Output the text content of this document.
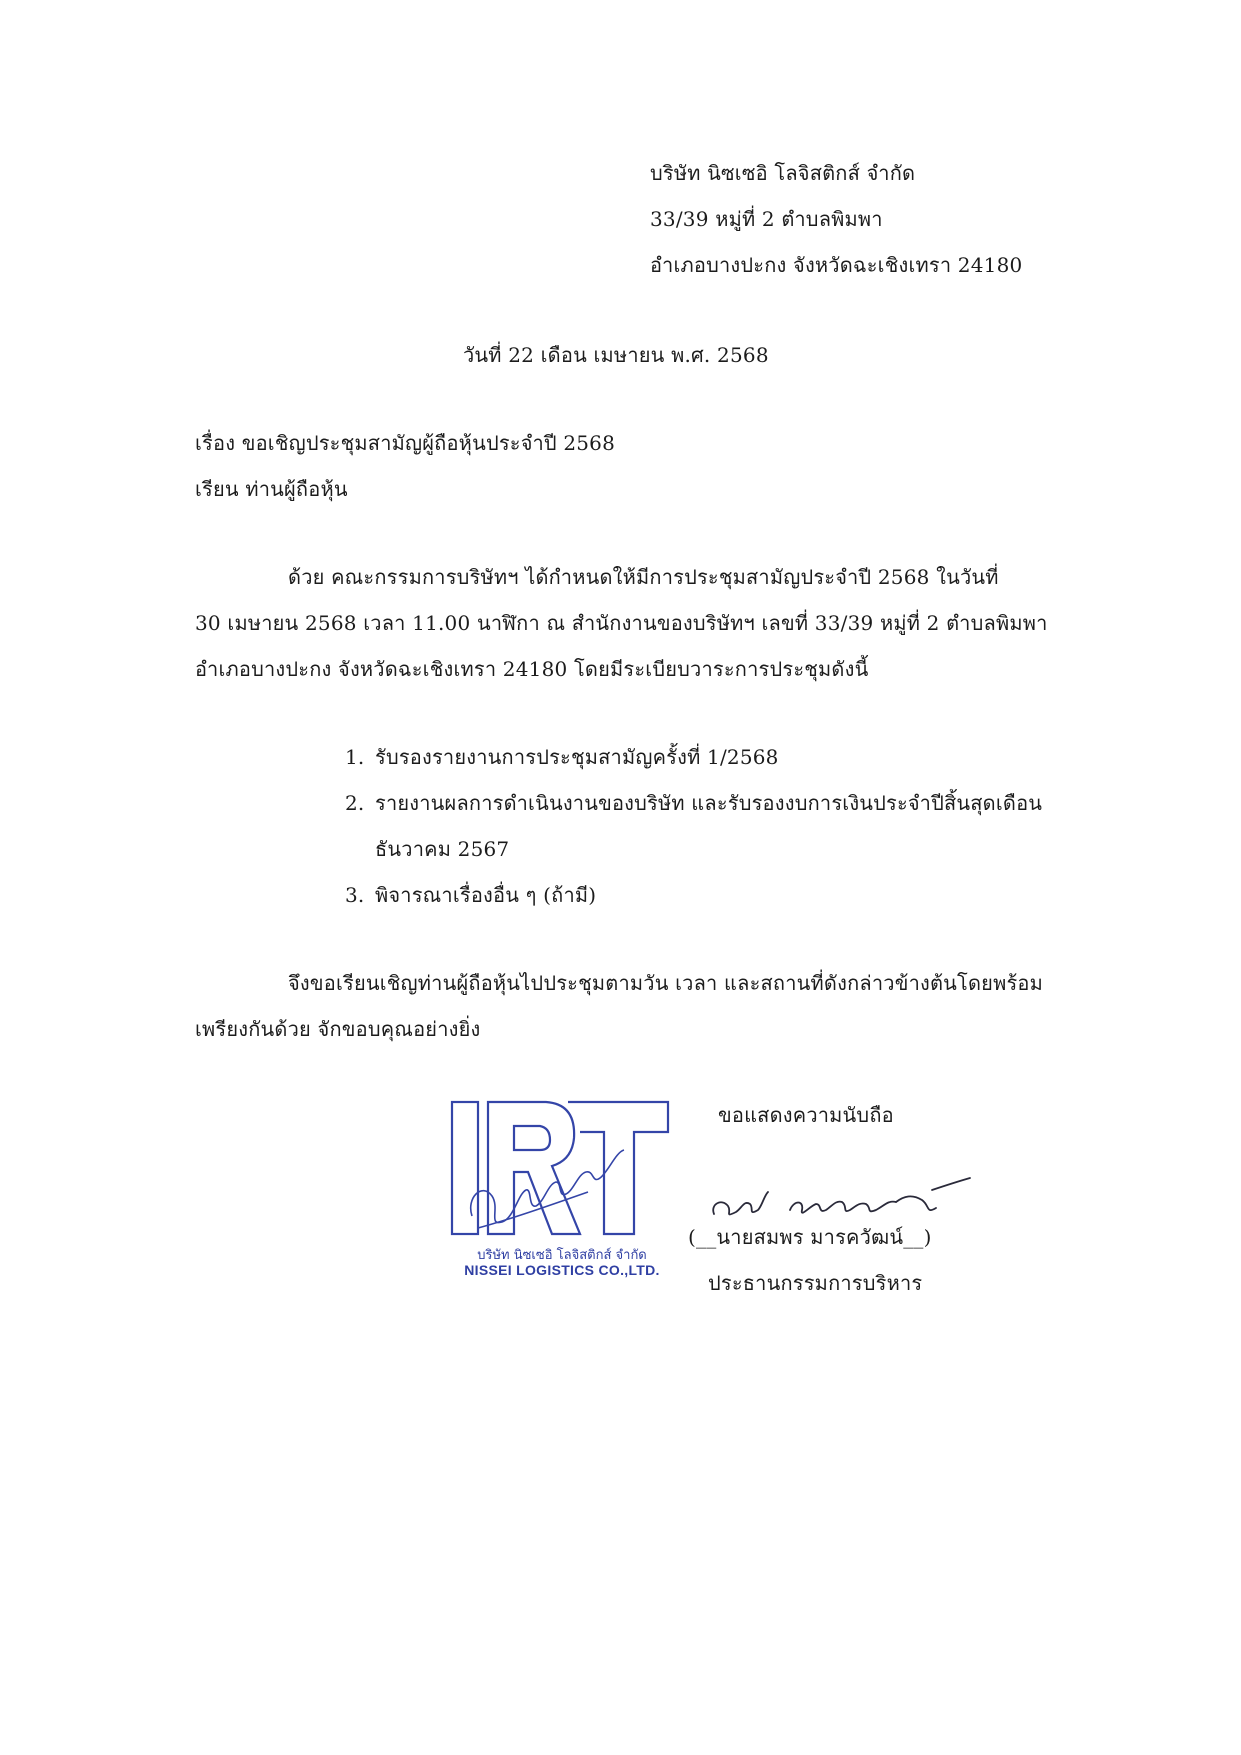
บริษัท นิซเซอิ โลจิสติกส์ จำกัด
33/39 หมู่ที่ 2 ตำบลพิมพา
อำเภอบางปะกง จังหวัดฉะเชิงเทรา 24180
วันที่ 22 เดือน เมษายน พ.ศ. 2568
เรื่อง ขอเชิญประชุมสามัญผู้ถือหุ้นประจำปี 2568
เรียน ท่านผู้ถือหุ้น
ด้วย คณะกรรมการบริษัทฯ ได้กำหนดให้มีการประชุมสามัญประจำปี 2568 ในวันที่
30 เมษายน 2568 เวลา 11.00 นาฬิกา ณ สำนักงานของบริษัทฯ เลขที่ 33/39 หมู่ที่ 2 ตำบลพิมพา
อำเภอบางปะกง จังหวัดฉะเชิงเทรา 24180 โดยมีระเบียบวาระการประชุมดังนี้
1. รับรองรายงานการประชุมสามัญครั้งที่ 1/2568
2. รายงานผลการดำเนินงานของบริษัท และรับรองงบการเงินประจำปีสิ้นสุดเดือน
ธันวาคม 2567
3. พิจารณาเรื่องอื่น ๆ (ถ้ามี)
จึงขอเรียนเชิญท่านผู้ถือหุ้นไปประชุมตามวัน เวลา และสถานที่ดังกล่าวข้างต้นโดยพร้อม
เพรียงกันด้วย จักขอบคุณอย่างยิ่ง
บริษัท นิซเซอิ โลจิสติกส์ จำกัด
NISSEI LOGISTICS CO.,LTD.
ขอแสดงความนับถือ
(__นายสมพร มารควัฒน์__)
ประธานกรรมการบริหาร
